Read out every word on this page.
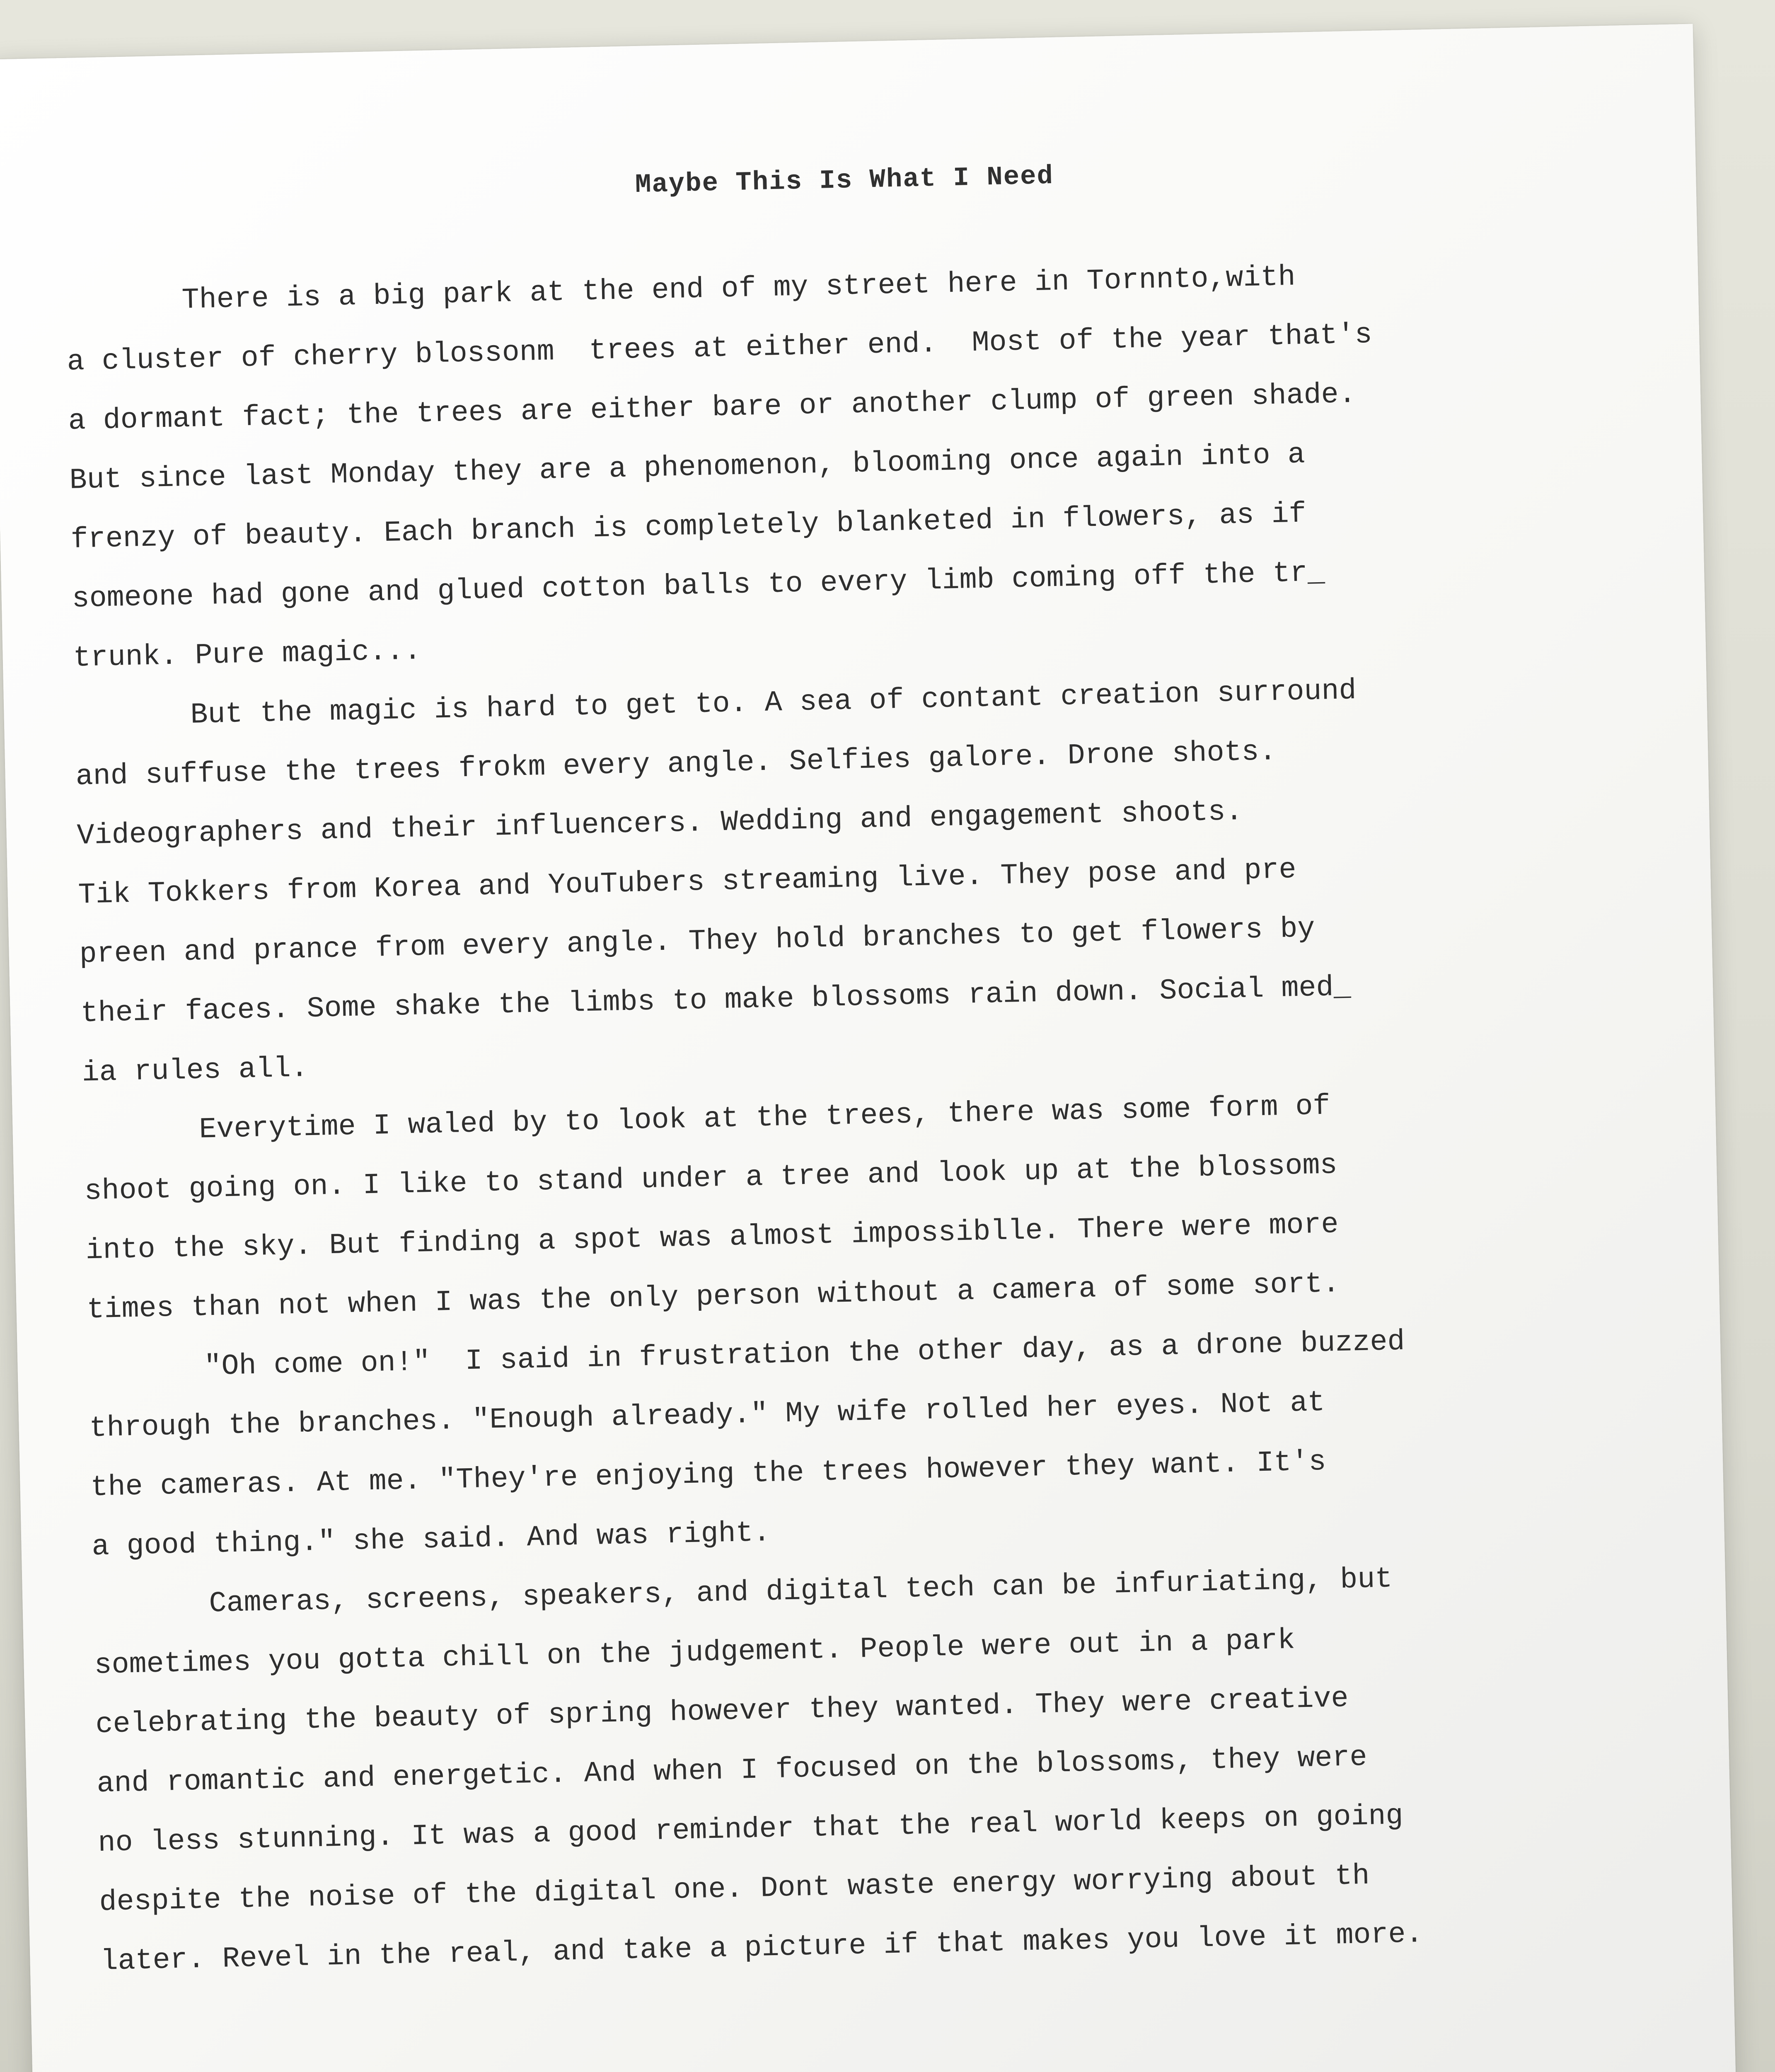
Maybe This Is What I Need
There is a big park at the end of my street here in Tornnto,with
a cluster of cherry blossonm  trees at either end.  Most of the year that's
a dormant fact; the trees are either bare or another clump of green shade.
But since last Monday they are a phenomenon, blooming once again into a
frenzy of beauty. Each branch is completely blanketed in flowers, as if
someone had gone and glued cotton balls to every limb coming off the tr_
trunk. Pure magic...
But the magic is hard to get to. A sea of contant creation surround
and suffuse the trees frokm every angle. Selfies galore. Drone shots.
Videographers and their influencers. Wedding and engagement shoots.
Tik Tokkers from Korea and YouTubers streaming live. They pose and pre
preen and prance from every angle. They hold branches to get flowers by
their faces. Some shake the limbs to make blossoms rain down. Social med_
ia rules all.
Everytime I waled by to look at the trees, there was some form of
shoot going on. I like to stand under a tree and look up at the blossoms
into the sky. But finding a spot was almost impossiblle. There were more
times than not when I was the only person without a camera of some sort.
"Oh come on!"  I said in frustration the other day, as a drone buzzed
through the branches. "Enough already." My wife rolled her eyes. Not at
the cameras. At me. "They're enjoying the trees however they want. It's
a good thing." she said. And was right.
Cameras, screens, speakers, and digital tech can be infuriating, but
sometimes you gotta chill on the judgement. People were out in a park
celebrating the beauty of spring however they wanted. They were creative
and romantic and energetic. And when I focused on the blossoms, they were
no less stunning. It was a good reminder that the real world keeps on going
despite the noise of the digital one. Dont waste energy worrying about th
later. Revel in the real, and take a picture if that makes you love it more.
